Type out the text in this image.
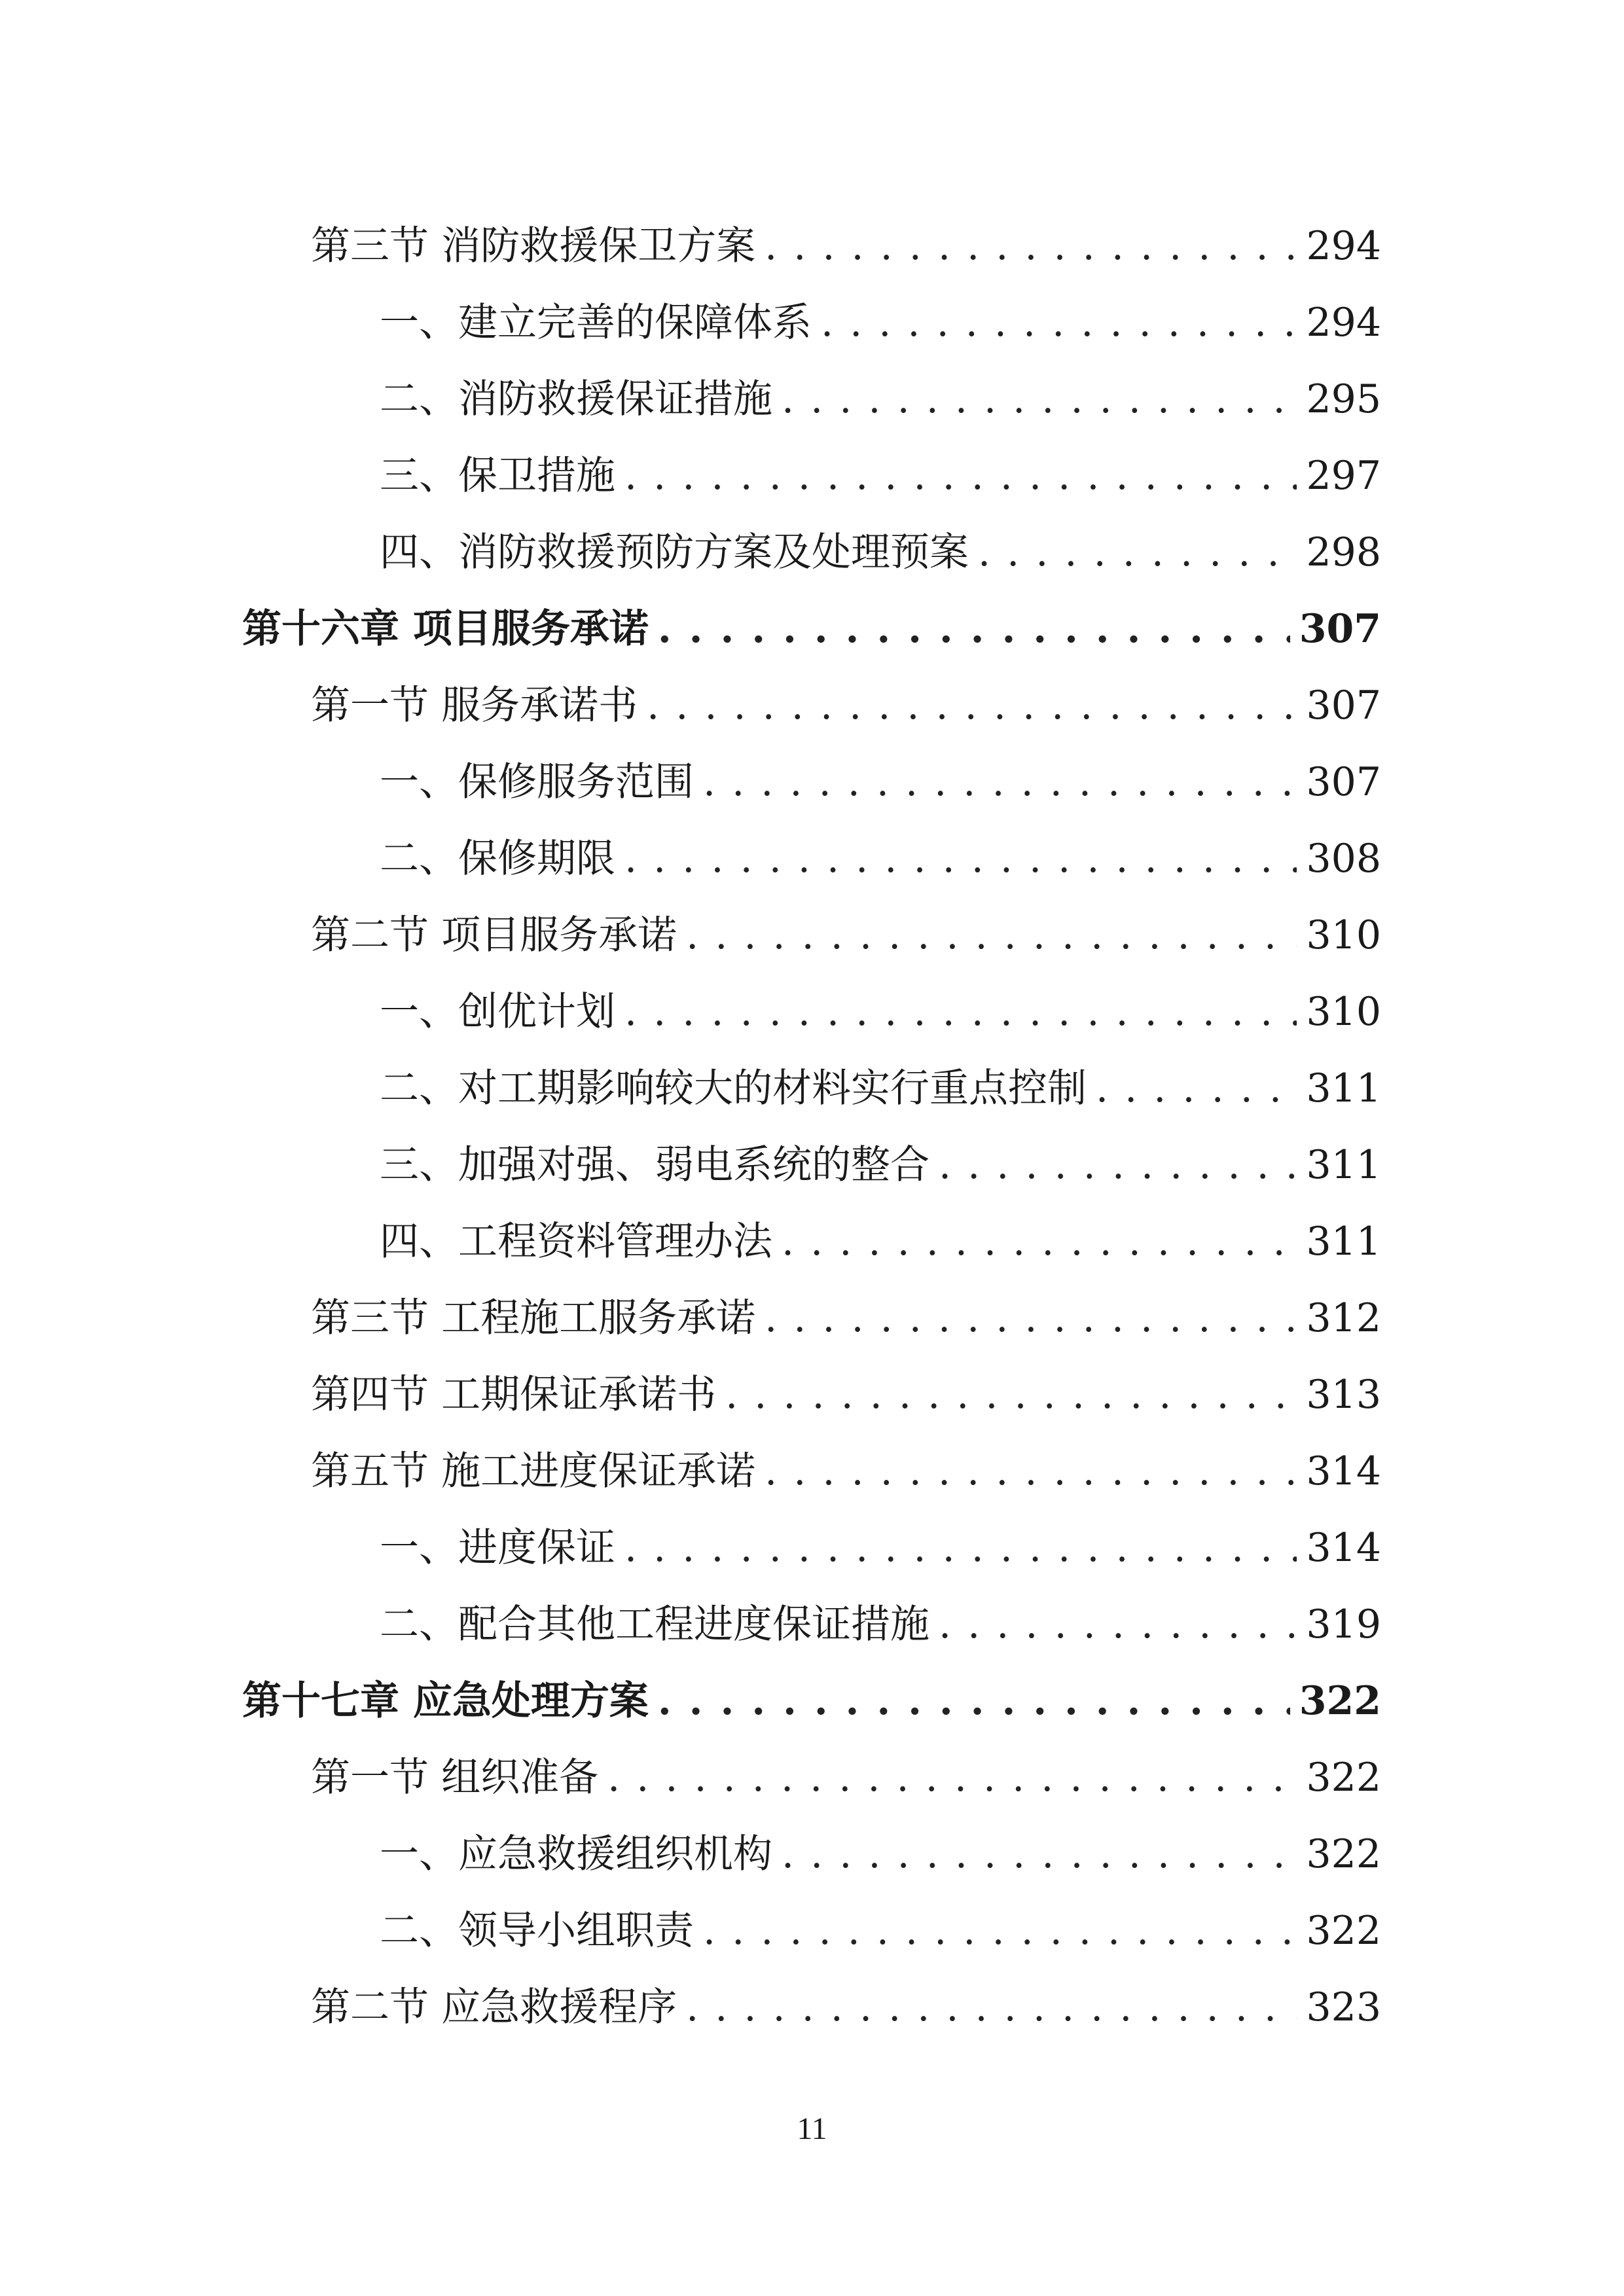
第三节 消防救援保卫方案 . . .	294
一、建立完善的保障体系 . . .	294
二、消防救援保证措施 . . .	295
三、保卫措施 . . .	297
四、消防救援预防方案及处理预案 . . .	298
第十六章 项目服务承诺 . . .	307
第一节 服务承诺书 . . .	307
一、保修服务范围 . . .	307
二、保修期限 . . .	308
第二节 项目服务承诺 . . .	310
一、创优计划 . . .	310
二、对工期影响较大的材料实行重点控制 . . .	311
三、加强对强、弱电系统的整合 . . .	311
四、工程资料管理办法 . . .	311
第三节 工程施工服务承诺 . . .	312
第四节 工期保证承诺书 . . .	313
第五节 施工进度保证承诺 . . .	314
一、进度保证 . . .	314
二、配合其他工程进度保证措施 . . .	319
第十七章 应急处理方案 . . .	322
第一节 组织准备 . . .	322
一、应急救援组织机构 . . .	322
二、领导小组职责 . . .	322
第二节 应急救援程序 . . .	323
11
